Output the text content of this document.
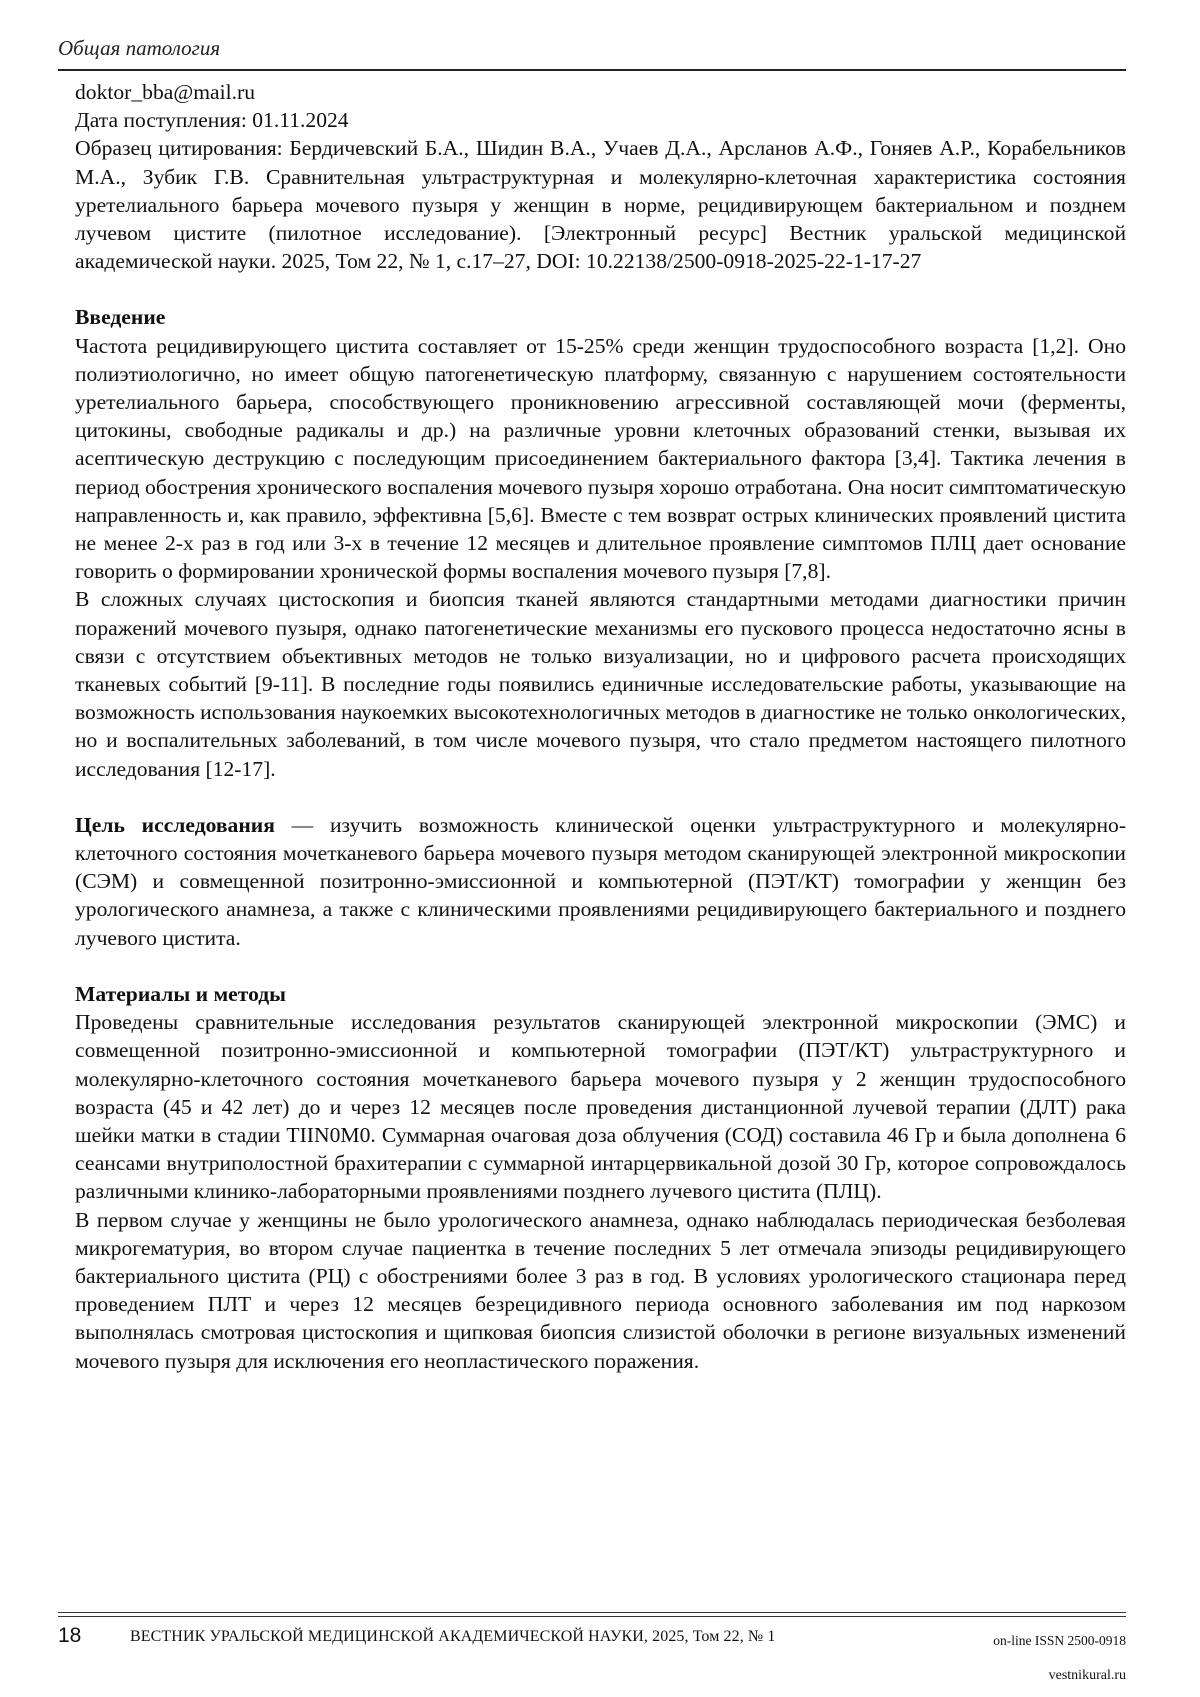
Общая патология

doktor_bba@mail.ru

Дата поступления: 01.11.2024

Образец цитирования: Бердичевский Б.А., Шидин В.А., Учаев Д.А., Арсланов А.Ф., Гоняев А.Р., Корабельников М.А., Зубик Г.В. Сравнительная ультраструктурная и молекулярно-клеточная характеристика состояния уретелиального барьера мочевого пузыря у женщин в норме, рецидивирующем бактериальном и позднем лучевом цистите (пилотное исследование). [Электронный ресурс] Вестник уральской медицинской академической науки. 2025, Том 22, № 1, с.17–27, DOI: 10.22138/2500-0918-2025-22-1-17-27

Введение

Частота рецидивирующего цистита составляет от 15-25% среди женщин трудоспособного возраста [1,2]. Оно полиэтиологично, но имеет общую патогенетическую платформу, связанную с нарушением состоятельности уретелиального барьера, способствующего проникновению агрессивной составляющей мочи (ферменты, цитокины, свободные радикалы и др.) на различные уровни клеточных образований стенки, вызывая их асептическую деструкцию с последующим присоединением бактериального фактора [3,4]. Тактика лечения в период обострения хронического воспаления мочевого пузыря хорошо отработана. Она носит симптоматическую направленность и, как правило, эффективна [5,6]. Вместе с тем возврат острых клинических проявлений цистита не менее 2-х раз в год или 3-х в течение 12 месяцев и длительное проявление симптомов ПЛЦ дает основание говорить о формировании хронической формы воспаления мочевого пузыря [7,8].

В сложных случаях цистоскопия и биопсия тканей являются стандартными методами диагностики причин поражений мочевого пузыря, однако патогенетические механизмы его пускового процесса недостаточно ясны в связи с отсутствием объективных методов не только визуализации, но и цифрового расчета происходящих тканевых событий [9-11]. В последние годы появились единичные исследовательские работы, указывающие на возможность использования наукоемких высокотехнологичных методов в диагностике не только онкологических, но и воспалительных заболеваний, в том числе мочевого пузыря, что стало предметом настоящего пилотного исследования [12-17].

Цель исследования — изучить возможность клинической оценки ультраструктурного и молекулярно-клеточного состояния мочетканевого барьера мочевого пузыря методом сканирующей электронной микроскопии (СЭМ) и совмещенной позитронно-эмиссионной и компьютерной (ПЭТ/КТ) томографии у женщин без урологического анамнеза, а также с клиническими проявлениями рецидивирующего бактериального и позднего лучевого цистита.

Материалы и методы

Проведены сравнительные исследования результатов сканирующей электронной микроскопии (ЭМС) и совмещенной позитронно-эмиссионной и компьютерной томографии (ПЭТ/КТ) ультраструктурного и молекулярно-клеточного состояния мочетканевого барьера мочевого пузыря у 2 женщин трудоспособного возраста (45 и 42 лет) до и через 12 месяцев после проведения дистанционной лучевой терапии (ДЛТ) рака шейки матки в стадии TIIN0M0. Суммарная очаговая доза облучения (СОД) составила 46 Гр и была дополнена 6 сеансами внутриполостной брахитерапии с суммарной интарцервикальной дозой 30 Гр, которое сопровождалось различными клинико-лабораторными проявлениями позднего лучевого цистита (ПЛЦ).

В первом случае у женщины не было урологического анамнеза, однако наблюдалась периодическая безболевая микрогематурия, во втором случае пациентка в течение последних 5 лет отмечала эпизоды рецидивирующего бактериального цистита (РЦ) с обострениями более 3 раз в год. В условиях урологического стационара перед проведением ПЛТ и через 12 месяцев безрецидивного периода основного заболевания им под наркозом выполнялась смотровая цистоскопия и щипковая биопсия слизистой оболочки в регионе визуальных изменений мочевого пузыря для исключения его неопластического поражения.

18	ВЕСТНИК УРАЛЬСКОЙ МЕДИЦИНСКОЙ АКАДЕМИЧЕСКОЙ НАУКИ, 2025, Том 22, № 1	on-line ISSN 2500-0918
vestnikural.ru
